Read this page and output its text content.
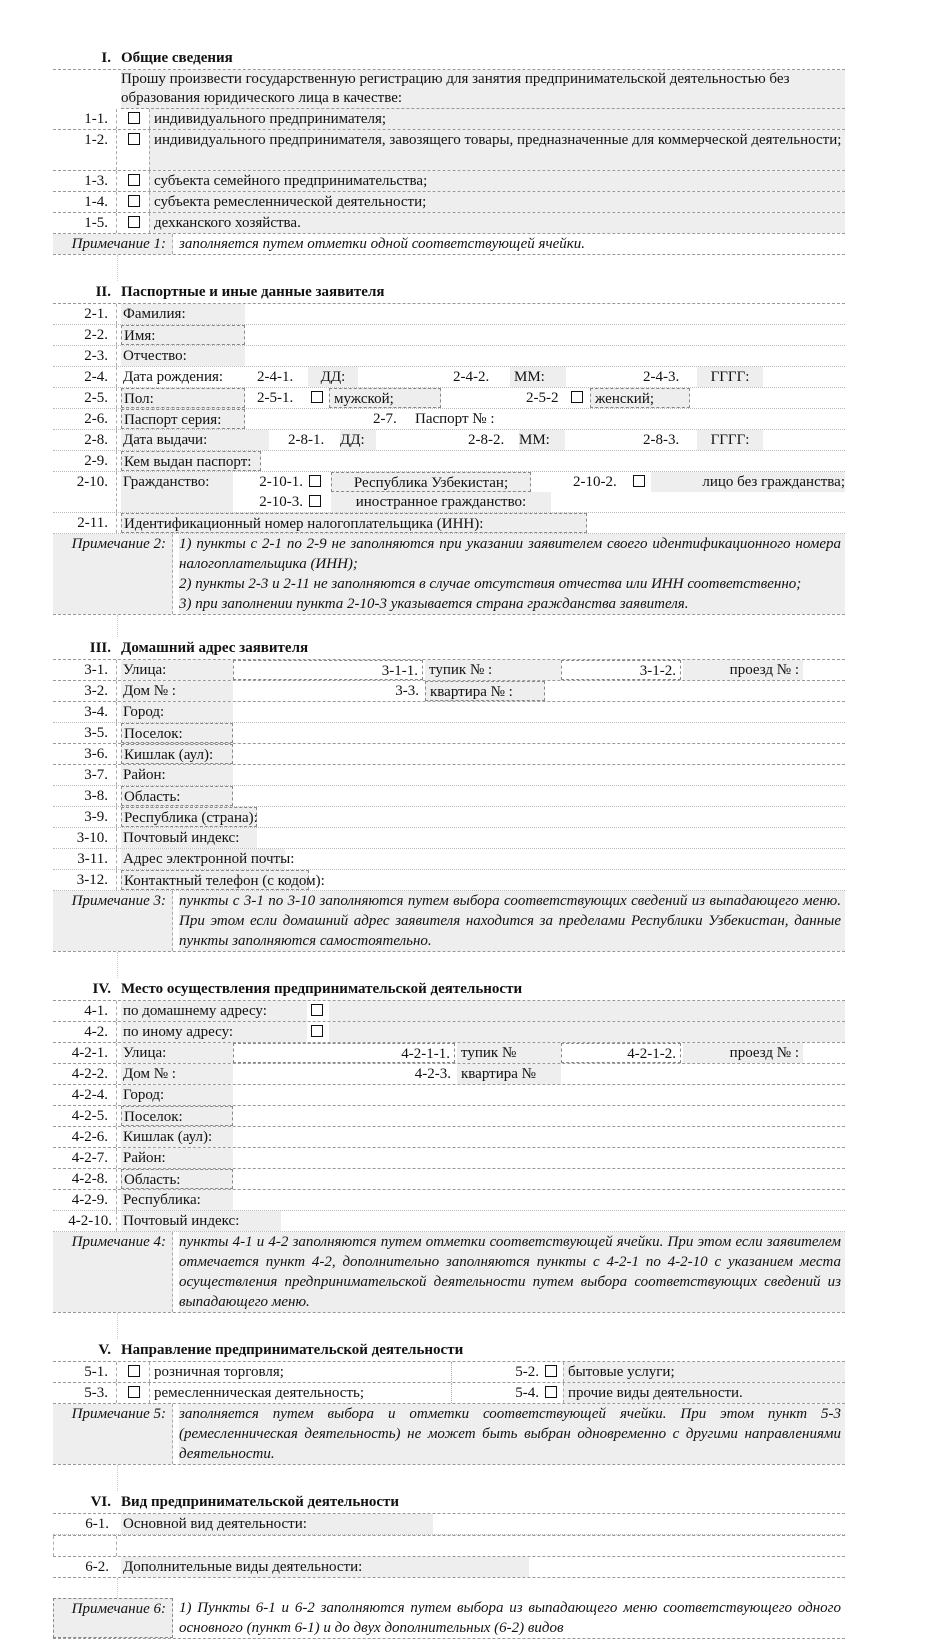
I. Общие сведения
Прошу произвести государственную регистрацию для занятия предпринимательской деятельностью без образования юридического лица в качестве:
1-1.	индивидуального предпринимателя;
1-2.	индивидуального предпринимателя, завозящего товары, предназначенные для коммерческой деятельности;
1-3.	субъекта семейного предпринимательства;
1-4.	субъекта ремесленнической деятельности;
1-5.	дехканского хозяйства.
Примечание 1: заполняется путем отметки одной соответствующей ячейки.
II. Паспортные и иные данные заявителя
2-1.	Фамилия:
2-2.	Имя:
2-3.	Отчество:
2-4.	Дата рождения: 2-4-1.	ДД:	2-4-2. ММ:	2-4-3.	ГГГГ:
2-5.	Пол:	2-5-1.	мужской;	2-5-2	женский;
2-6.	Паспорт серия:	2-7. Паспорт № :
2-8.	Дата выдачи:	2-8-1. ДД:	2-8-2. ММ:	2-8-3.	ГГГГ:
2-9.	Кем выдан паспорт:
2-10.	Гражданство:	2-10-1.	Республика Узбекистан;	2-10-2.	лицо без гражданства;
2-10-3.	иностранное гражданство:
2-11.	Идентификационный номер налогоплательщика (ИНН):
Примечание 2: 1) пункты с 2-1 по 2-9 не заполняются при указании заявителем своего идентификационного номера налогоплательщика (ИНН);
2) пункты 2-3 и 2-11 не заполняются в случае отсутствия отчества или ИНН соответственно;
3) при заполнении пункта 2-10-3 указывается страна гражданства заявителя.
III. Домашний адрес заявителя
3-1.	Улица:	3-1-1. тупик № :	3-1-2.	проезд № :
3-2.	Дом № :	3-3. квартира № :
3-4.	Город:
3-5.	Поселок:
3-6.	Кишлак (аул):
3-7.	Район:
3-8.	Область:
3-9.	Республика (страна):
3-10.	Почтовый индекс:
3-11.	Адрес электронной почты:
3-12.	Контактный телефон (с кодом):
Примечание 3: пункты с 3-1 по 3-10 заполняются путем выбора соответствующих сведений из выпадающего меню. При этом если домашний адрес заявителя находится за пределами Республики Узбекистан, данные пункты заполняются самостоятельно.
IV. Место осуществления предпринимательской деятельности
4-1.	по домашнему адресу:
4-2.	по иному адресу:
4-2-1.	Улица:	4-2-1-1. тупик №	4-2-1-2.	проезд № :
4-2-2.	Дом № :	4-2-3. квартира №
4-2-4.	Город:
4-2-5.	Поселок:
4-2-6.	Кишлак (аул):
4-2-7.	Район:
4-2-8.	Область:
4-2-9.	Республика:
4-2-10. Почтовый индекс:
Примечание 4: пункты 4-1 и 4-2 заполняются путем отметки соответствующей ячейки. При этом если заявителем отмечается пункт 4-2, дополнительно заполняются пункты с 4-2-1 по 4-2-10 с указанием места осуществления предпринимательской деятельности путем выбора соответствующих сведений из выпадающего меню.
V. Направление предпринимательской деятельности
5-1.	розничная торговля;	5-2.	бытовые услуги;
5-3.	ремесленническая деятельность;	5-4.	прочие виды деятельности.
Примечание 5: заполняется путем выбора и отметки соответствующей ячейки. При этом пункт 5-3 (ремесленническая деятельность) не может быть выбран одновременно с другими направлениями деятельности.
VI. Вид предпринимательской деятельности
6-1. Основной вид деятельности:
6-2. Дополнительные виды деятельности:
Примечание 6: 1) Пункты 6-1 и 6-2 заполняются путем выбора из выпадающего меню соответствующего одного основного (пункт 6-1) и до двух дополнительных (6-2) видов
